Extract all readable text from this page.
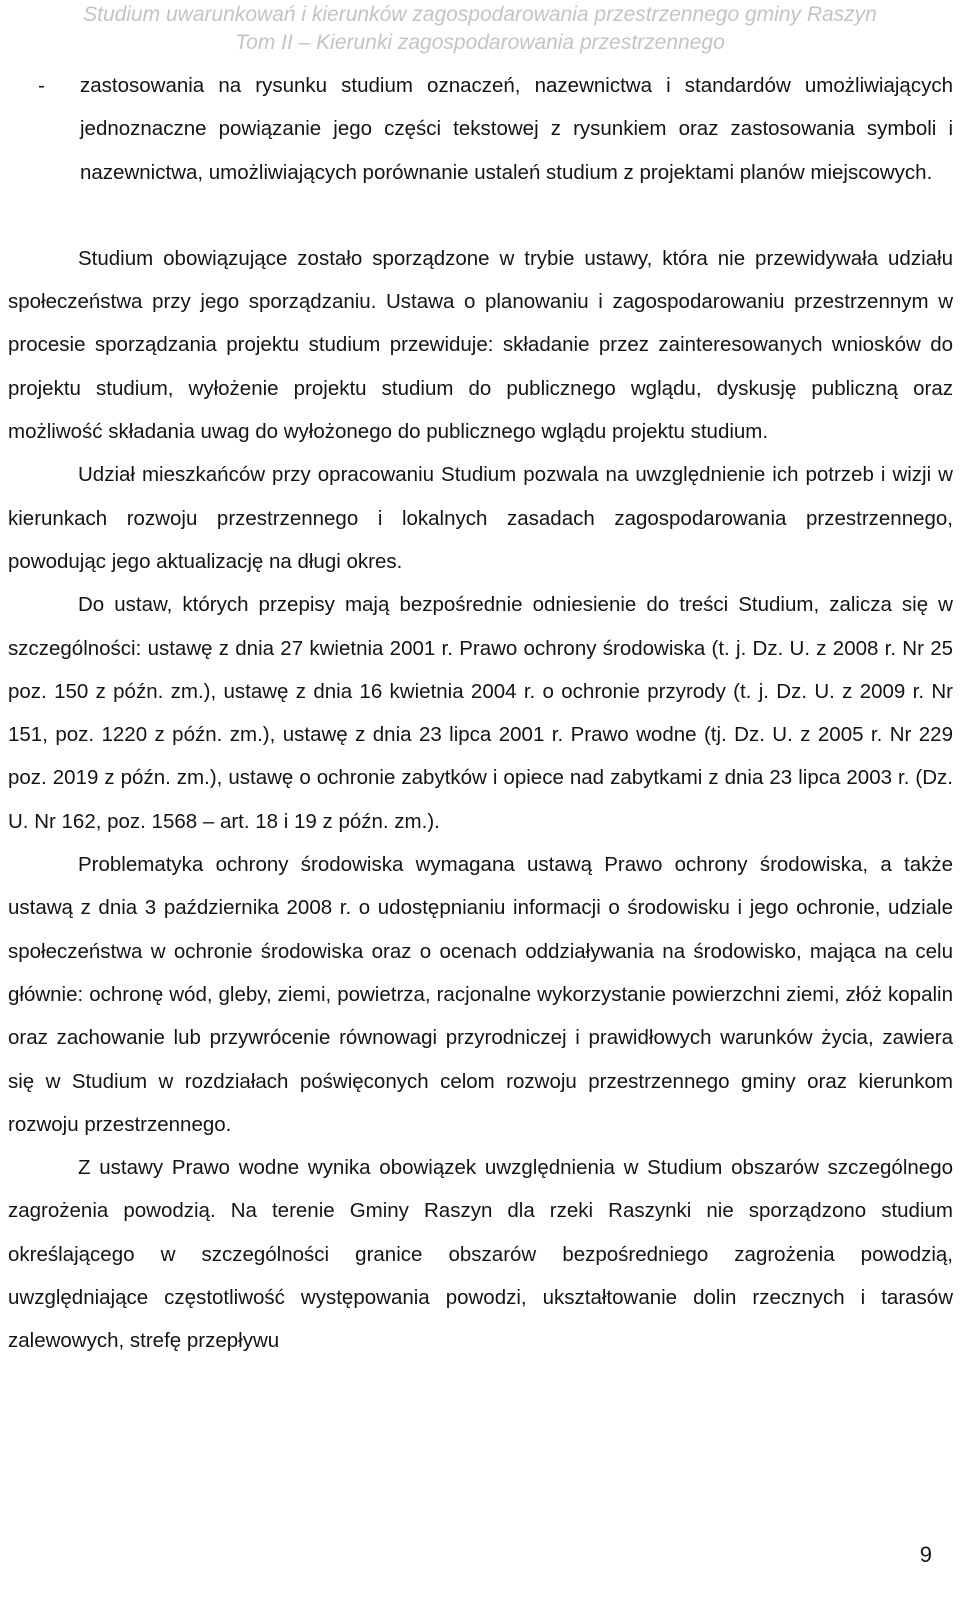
Studium uwarunkowań i kierunków zagospodarowania przestrzennego gminy Raszyn
Tom II – Kierunki zagospodarowania przestrzennego

- zastosowania na rysunku studium oznaczeń, nazewnictwa i standardów umożliwiających jednoznaczne powiązanie jego części tekstowej z rysunkiem oraz zastosowania symboli i nazewnictwa, umożliwiających porównanie ustaleń studium z projektami planów miejscowych.

Studium obowiązujące zostało sporządzone w trybie ustawy, która nie przewidywała udziału społeczeństwa przy jego sporządzaniu. Ustawa o planowaniu i zagospodarowaniu przestrzennym w procesie sporządzania projektu studium przewiduje: składanie przez zainteresowanych wniosków do projektu studium, wyłożenie projektu studium do publicznego wglądu, dyskusję publiczną oraz możliwość składania uwag do wyłożonego do publicznego wglądu projektu studium.

Udział mieszkańców przy opracowaniu Studium pozwala na uwzględnienie ich potrzeb i wizji w kierunkach rozwoju przestrzennego i lokalnych zasadach zagospodarowania przestrzennego, powodując jego aktualizację na długi okres.

Do ustaw, których przepisy mają bezpośrednie odniesienie do treści Studium, zalicza się w szczególności: ustawę z dnia 27 kwietnia 2001 r. Prawo ochrony środowiska (t. j. Dz. U. z 2008 r. Nr 25 poz. 150 z późn. zm.), ustawę z dnia 16 kwietnia 2004 r. o ochronie przyrody (t. j. Dz. U. z 2009 r. Nr 151, poz. 1220 z późn. zm.), ustawę z dnia 23 lipca 2001 r. Prawo wodne (tj. Dz. U. z 2005 r. Nr 229 poz. 2019 z późn. zm.), ustawę o ochronie zabytków i opiece nad zabytkami z dnia 23 lipca 2003 r. (Dz. U. Nr 162, poz. 1568 – art. 18 i 19 z późn. zm.).

Problematyka ochrony środowiska wymagana ustawą Prawo ochrony środowiska, a także ustawą z dnia 3 października 2008 r. o udostępnianiu informacji o środowisku i jego ochronie, udziale społeczeństwa w ochronie środowiska oraz o ocenach oddziaływania na środowisko, mająca na celu głównie: ochronę wód, gleby, ziemi, powietrza, racjonalne wykorzystanie powierzchni ziemi, złóż kopalin oraz zachowanie lub przywrócenie równowagi przyrodniczej i prawidłowych warunków życia, zawiera się w Studium w rozdziałach poświęconych celom rozwoju przestrzennego gminy oraz kierunkom rozwoju przestrzennego.

Z ustawy Prawo wodne wynika obowiązek uwzględnienia w Studium obszarów szczególnego zagrożenia powodzią. Na terenie Gminy Raszyn dla rzeki Raszynki nie sporządzono studium określającego w szczególności granice obszarów bezpośredniego zagrożenia powodzią, uwzględniające częstotliwość występowania powodzi, ukształtowanie dolin rzecznych i tarasów zalewowych, strefę przepływu

9
